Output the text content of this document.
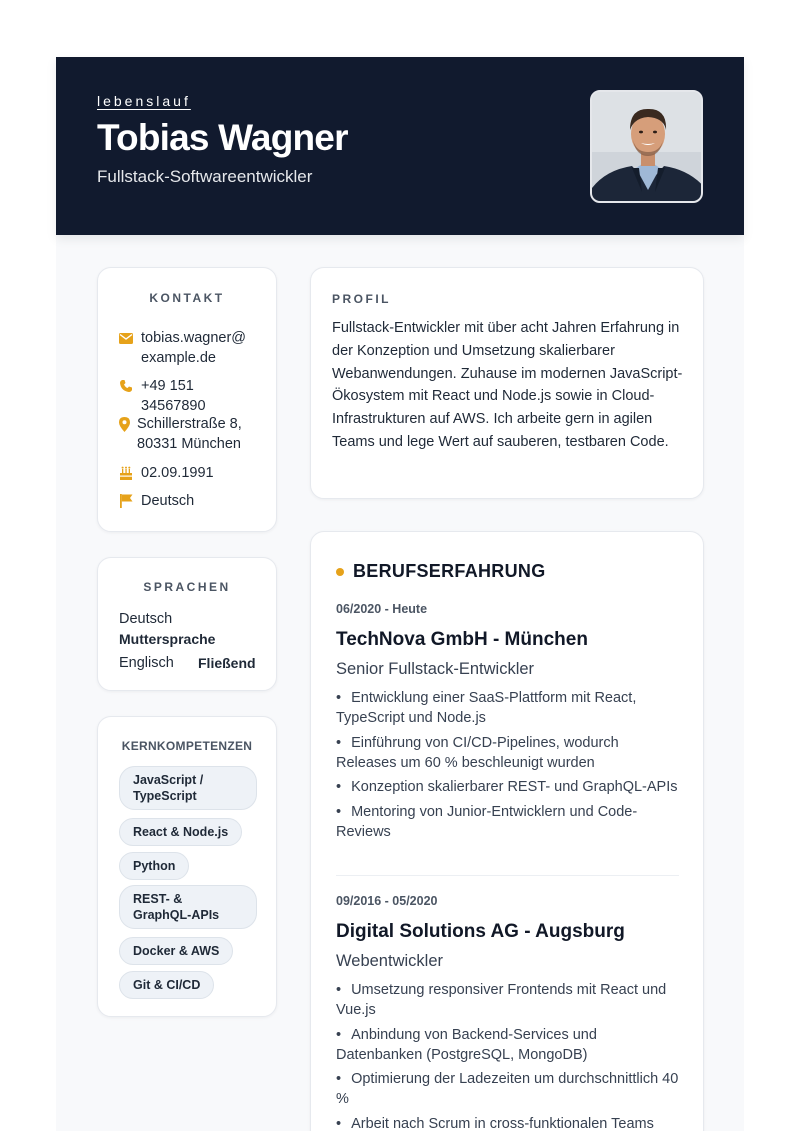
lebenslauf
Tobias Wagner
Fullstack-Softwareentwickler
KONTAKT
tobias.wagner@
example.de
+49 151
34567890
Schillerstraße 8,
80331 München
02.09.1991
Deutsch
SPRACHEN
Deutsch
Muttersprache
Englisch Fließend
KERNKOMPETENZEN
JavaScript / TypeScript
React & Node.js
Python
REST- & GraphQL-APIs
Docker & AWS
Git & CI/CD
PROFIL
Fullstack-Entwickler mit über acht Jahren Erfahrung in der Konzeption und Umsetzung skalierbarer Webanwendungen. Zuhause im modernen JavaScript-Ökosystem mit React und Node.js sowie in Cloud-Infrastrukturen auf AWS. Ich arbeite gern in agilen Teams und lege Wert auf sauberen, testbaren Code.
BERUFSERFAHRUNG
06/2020 - Heute
TechNova GmbH - München
Senior Fullstack-Entwickler
• Entwicklung einer SaaS-Plattform mit React, TypeScript und Node.js
• Einführung von CI/CD-Pipelines, wodurch Releases um 60 % beschleunigt wurden
• Konzeption skalierbarer REST- und GraphQL-APIs
• Mentoring von Junior-Entwicklern und Code-Reviews
09/2016 - 05/2020
Digital Solutions AG - Augsburg
Webentwickler
• Umsetzung responsiver Frontends mit React und Vue.js
• Anbindung von Backend-Services und Datenbanken (PostgreSQL, MongoDB)
• Optimierung der Ladezeiten um durchschnittlich 40 %
• Arbeit nach Scrum in cross-funktionalen Teams
